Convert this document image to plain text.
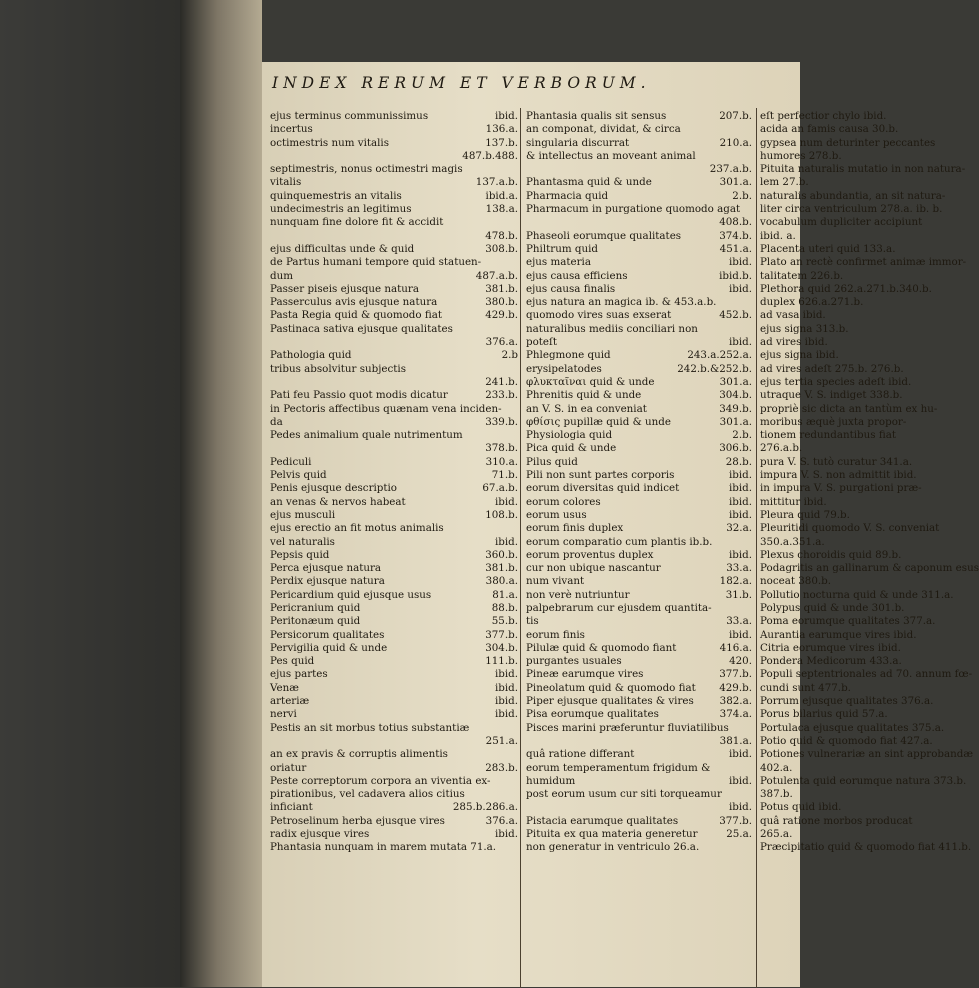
INDEX RERUM ET VERBORUM.
ejus terminus communissimus	ibid.
incertus	136.a.
octimestris num vitalis	137.b.
487.b.488.
septimestris, nonus octimestri magis
vitalis	137.a.b.
quinquemestris an vitalis	ibid.a.
undecimestris an legitimus	138.a.
nunquam fine dolore fit & accidit
478.b.
ejus difficultas unde & quid	308.b.
de Partus humani tempore quid statuen-
dum	487.a.b.
Passer piseis ejusque natura	381.b.
Passerculus avis ejusque natura	380.b.
Pasta Regia quid & quomodo fiat	429.b.
Pastinaca sativa ejusque qualitates
376.a.
Pathologia quid	2.b
tribus absolvitur subjectis
241.b.
Pati feu Passio quot modis dicatur	233.b.
in Pectoris affectibus quænam vena inciden-
da	339.b.
Pedes animalium quale nutrimentum
378.b.
Pediculi	310.a.
Pelvis quid	71.b.
Penis ejusque descriptio	67.a.b.
an venas & nervos habeat	ibid.
ejus musculi	108.b.
ejus erectio an fit motus animalis
vel naturalis	ibid.
Pepsis quid	360.b.
Perca ejusque natura	381.b.
Perdix ejusque natura	380.a.
Pericardium quid ejusque usus	81.a.
Pericranium quid	88.b.
Peritonæum quid	55.b.
Persicorum qualitates	377.b.
Pervigilia quid & unde	304.b.
Pes quid	111.b.
ejus partes	ibid.
Venæ	ibid.
arteriæ	ibid.
nervi	ibid.
Pestis an sit morbus totius substantiæ
251.a.
an ex pravis & corruptis alimentis
oriatur	283.b.
Peste correptorum corpora an viventia ex-
pirationibus, vel cadavera alios citius
inficiant	285.b.286.a.
Petroselinum herba ejusque vires	376.a.
radix ejusque vires	ibid.
Phantasia nunquam in marem mutata 71.a.
Phantasia qualis sit sensus	207.b.
an componat, dividat, & circa
singularia discurrat	210.a.
& intellectus an moveant animal
237.a.b.
Phantasma quid & unde	301.a.
Pharmacia quid	2.b.
Pharmacum in purgatione quomodo agat
408.b.
Phaseoli eorumque qualitates	374.b.
Philtrum quid	451.a.
ejus materia	ibid.
ejus causa efficiens	ibid.b.
ejus causa finalis	ibid.
ejus natura an magica ib. & 453.a.b.
quomodo vires suas exserat	452.b.
naturalibus mediis conciliari non
poteſt	ibid.
Phlegmone quid	243.a.252.a.
erysipelatodes	242.b.&252.b.
φλυκταῖναι quid & unde	301.a.
Phrenitis quid & unde	304.b.
an V. S. in ea conveniat	349.b.
φθίσις pupillæ quid & unde	301.a.
Physiologia quid	2.b.
Pica quid & unde	306.b.
Pilus quid	28.b.
Pili non sunt partes corporis	ibid.
eorum diversitas quid indicet	ibid.
eorum colores	ibid.
eorum usus	ibid.
eorum finis duplex	32.a.
eorum comparatio cum plantis ib.b.
eorum proventus duplex	ibid.
cur non ubique nascantur	33.a.
num vivant	182.a.
non verè nutriuntur	31.b.
palpebrarum cur ejusdem quantita-
tis	33.a.
eorum finis	ibid.
Pilulæ quid & quomodo fiant	416.a.
purgantes usuales	420.
Pineæ earumque vires	377.b.
Pineolatum quid & quomodo fiat	429.b.
Piper ejusque qualitates & vires	382.a.
Pisa eorumque qualitates	374.a.
Pisces marini præferuntur fluviatilibus
381.a.
quâ ratione differant	ibid.
eorum temperamentum frigidum &
humidum	ibid.
post eorum usum cur siti torqueamur
ibid.
Pistacia earumque qualitates	377.b.
Pituita ex qua materia generetur	25.a.
non generatur in ventriculo 26.a.
eſt perfectior chylo ibid.
acida an famis causa 30.b.
gypsea num deturinter peccantes
humores 278.b.
Pituita naturalis mutatio in non natura-
lem 27.b.
naturalis abundantia, an sit natura-
liter circa ventriculum 278.a. ib. b.
vocabulum dupliciter accipiunt
ibid. a.
Placenta uteri quid 133.a.
Plato an rectè confirmet animæ immor-
talitatem 226.b.
Plethora quid 262.a.271.b.340.b.
duplex 626.a.271.b.
ad vasa ibid.
ejus signa 313.b.
ad vires ibid.
ejus signa ibid.
ad vires adeſt 275.b. 276.b.
ejus tertia species adeſt ibid.
utraque V. S. indiget 338.b.
propriè sic dicta an tantùm ex hu-
moribus æquè juxta propor-
tionem redundantibus fiat
276.a.b.
pura V. S. tutò curatur 341.a.
impura V. S. non admittit ibid.
in impura V. S. purgationi præ-
mittitur ibid.
Pleura quid 79.b.
Pleuritidi quomodo V. S. conveniat
350.a.351.a.
Plexus choroidis quid 89.b.
Podagritis an gallinarum & caponum esus
noceat 380.b.
Pollutio nocturna quid & unde 311.a.
Polypus quid & unde 301.b.
Poma eorumque qualitates 377.a.
Aurantia earumque vires ibid.
Citria eorumque vires ibid.
Pondera Medicorum 433.a.
Populi septentrionales ad 70. annum fœ-
cundi sunt 477.b.
Porrum ejusque qualitates 376.a.
Porus bilarius quid 57.a.
Portulaca ejusque qualitates 375.a.
Potio quid & quomodo fiat 427.a.
Potiones vulnerariæ an sint approbandæ
402.a.
Potulenta quid eorumque natura 373.b.
387.b.
Potus quid ibid.
quâ ratione morbos producat
265.a.
Præcipitatio quid & quomodo fiat 411.b.
